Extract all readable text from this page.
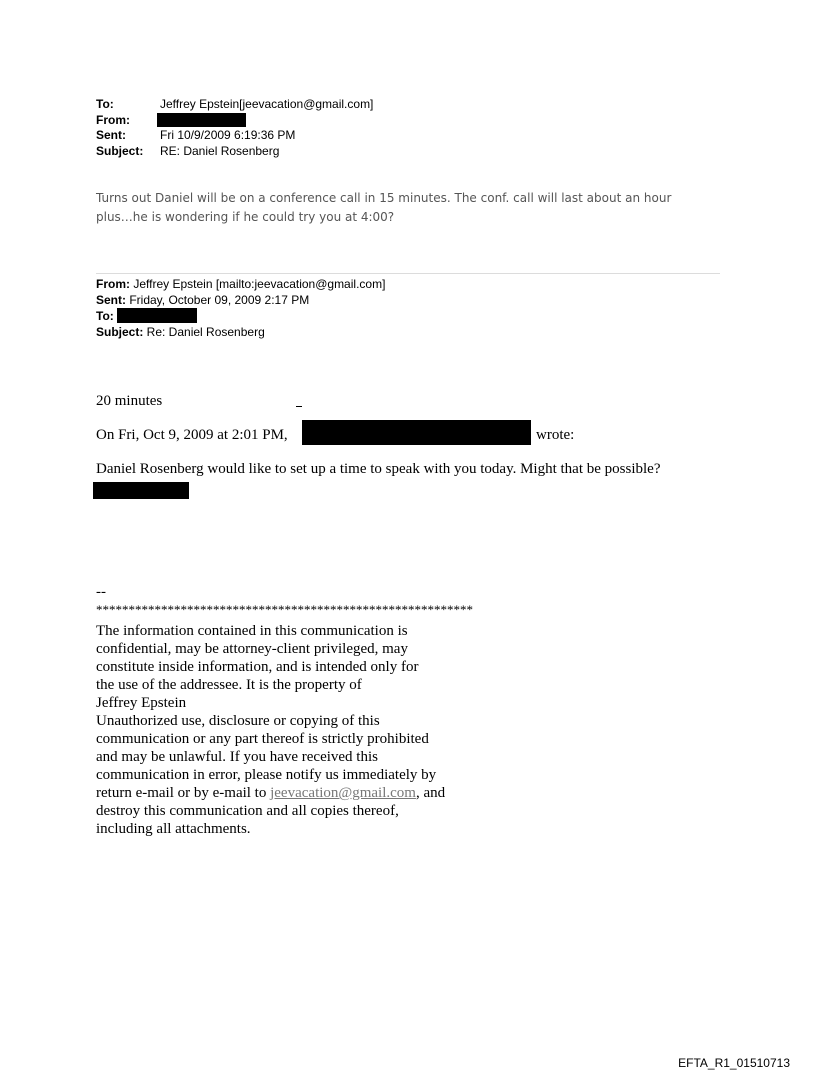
To:	Jeffrey Epstein[jeevacation@gmail.com]
From:
Sent:	Fri 10/9/2009 6:19:36 PM
Subject: RE: Daniel Rosenberg
Turns out Daniel will be on a conference call in 15 minutes. The conf. call will last about an hour
plus…he is wondering if he could try you at 4:00?
From: Jeffrey Epstein [mailto:jeevacation@gmail.com]
Sent: Friday, October 09, 2009 2:17 PM
To:
Subject: Re: Daniel Rosenberg
20 minutes
On Fri, Oct 9, 2009 at 2:01 PM,	wrote:
Daniel Rosenberg would like to set up a time to speak with you today. Might that be possible?
--
**********************************************************
The information contained in this communication is
confidential, may be attorney-client privileged, may
constitute inside information, and is intended only for
the use of the addressee. It is the property of
Jeffrey Epstein
Unauthorized use, disclosure or copying of this
communication or any part thereof is strictly prohibited
and may be unlawful. If you have received this
communication in error, please notify us immediately by
return e-mail or by e-mail to jeevacation@gmail.com, and
destroy this communication and all copies thereof,
including all attachments.
EFTA_R1_01510713
